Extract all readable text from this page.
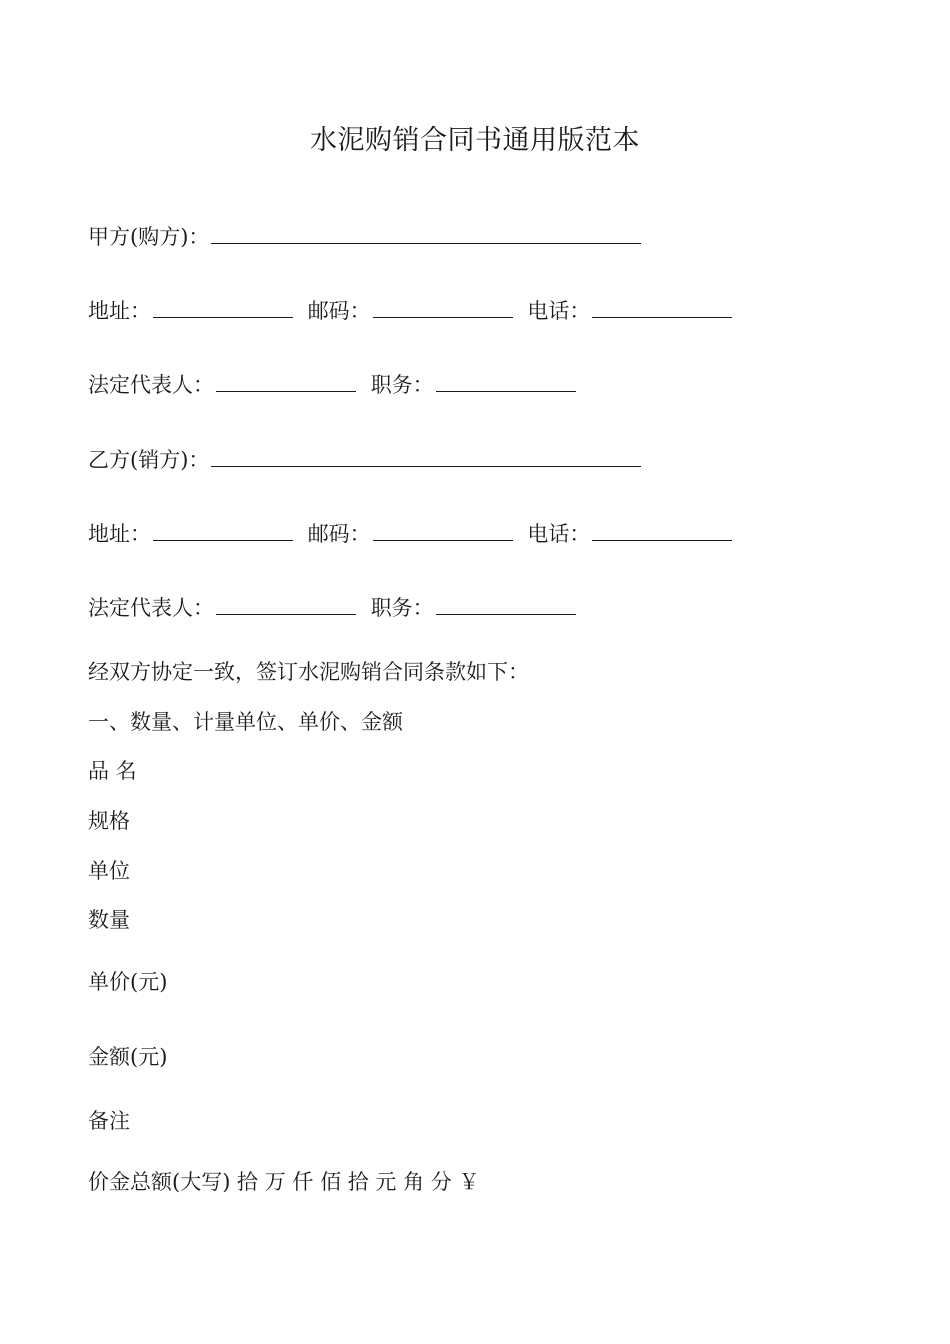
水泥购销合同书通用版范本
甲方(购方)：
地址：	邮码：	电话：
法定代表人：	职务：
乙方(销方)：
地址：	邮码：	电话：
法定代表人：	职务：
经双方协定一致，签订水泥购销合同条款如下：
一、数量、计量单位、单价、金额
品 名
规格
单位
数量
单价(元)
金额(元)
备注
价金总额(大写) 拾 万 仟 佰 拾 元 角 分 ￥
